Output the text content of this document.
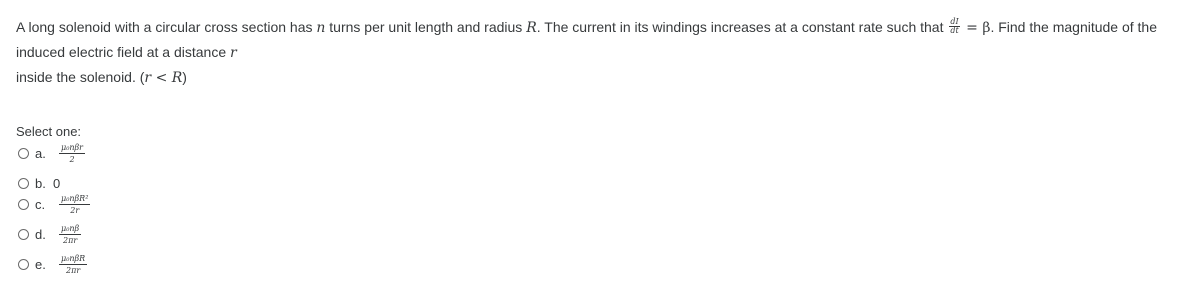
A long solenoid with a circular cross section has n turns per unit length and radius R. The current in its windings increases at a constant rate such that $\frac{dI}{dt} = \beta$. Find the magnitude of the induced electric field at a distance r
inside the solenoid. (r < R)
Select one:
a.	$\frac{\text{μ₀nβr}}{2}$
b. 0
c.	$\frac{\text{μ₀nβR²}}{2r}$
d.	$\frac{\text{μ₀nβ}}{2\pi r}$
e.	$\frac{\text{μ₀nβR}}{2\pi r}$
